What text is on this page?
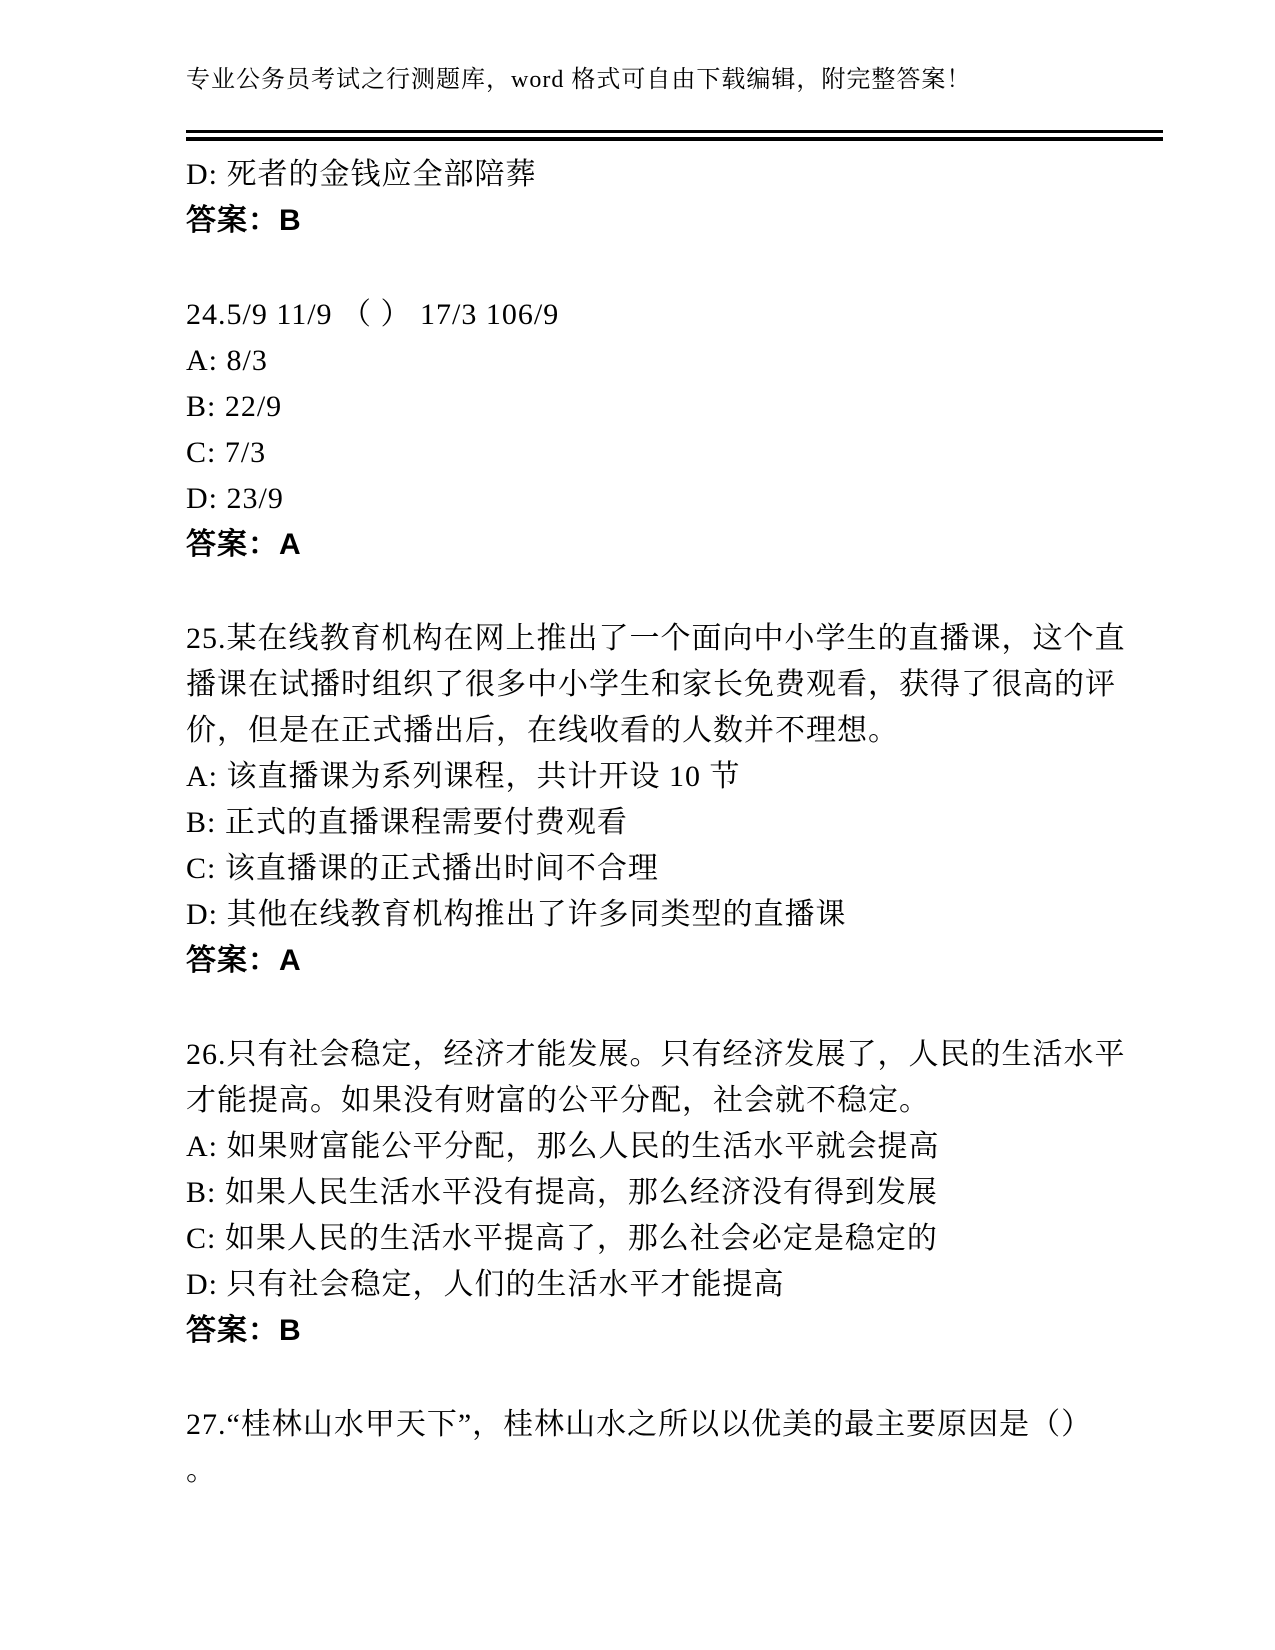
专业公务员考试之行测题库，word 格式可自由下载编辑，附完整答案！
D: 死者的金钱应全部陪葬
答案：B
24.5/9 11/9 （ ） 17/3 106/9
A: 8/3
B: 22/9
C: 7/3
D: 23/9
答案：A
25.某在线教育机构在网上推出了一个面向中小学生的直播课，这个直
播课在试播时组织了很多中小学生和家长免费观看，获得了很高的评
价，但是在正式播出后，在线收看的人数并不理想。
A: 该直播课为系列课程，共计开设 10 节
B: 正式的直播课程需要付费观看
C: 该直播课的正式播出时间不合理
D: 其他在线教育机构推出了许多同类型的直播课
答案：A
26.只有社会稳定，经济才能发展。只有经济发展了，人民的生活水平
才能提高。如果没有财富的公平分配，社会就不稳定。
A: 如果财富能公平分配，那么人民的生活水平就会提高
B: 如果人民生活水平没有提高，那么经济没有得到发展
C: 如果人民的生活水平提高了，那么社会必定是稳定的
D: 只有社会稳定，人们的生活水平才能提高
答案：B
27.“桂林山水甲天下”，桂林山水之所以以优美的最主要原因是（）
。
